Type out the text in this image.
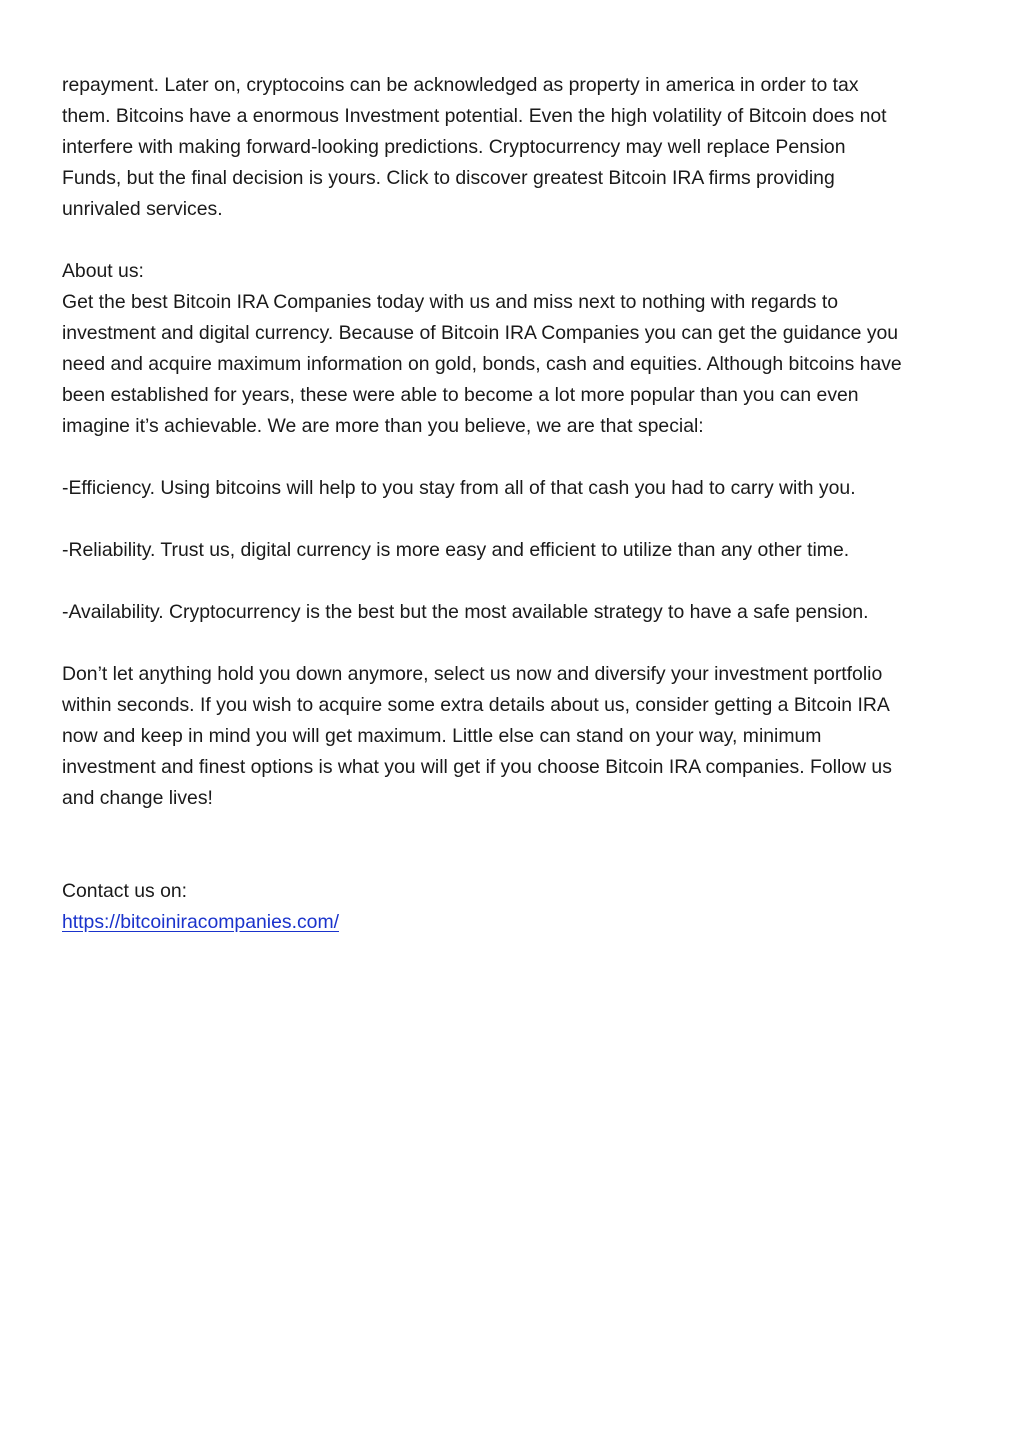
repayment. Later on, cryptocoins can be acknowledged as property in america in order to tax
them. Bitcoins have a enormous Investment potential. Even the high volatility of Bitcoin does not
interfere with making forward-looking predictions. Cryptocurrency may well replace Pension
Funds, but the final decision is yours. Click to discover greatest Bitcoin IRA firms providing
unrivaled services.
About us:
Get the best Bitcoin IRA Companies today with us and miss next to nothing with regards to
investment and digital currency. Because of Bitcoin IRA Companies you can get the guidance you
need and acquire maximum information on gold, bonds, cash and equities. Although bitcoins have
been established for years, these were able to become a lot more popular than you can even
imagine it’s achievable. We are more than you believe, we are that special:
-Efficiency. Using bitcoins will help to you stay from all of that cash you had to carry with you.
-Reliability. Trust us, digital currency is more easy and efficient to utilize than any other time.
-Availability. Cryptocurrency is the best but the most available strategy to have a safe pension.
Don’t let anything hold you down anymore, select us now and diversify your investment portfolio
within seconds. If you wish to acquire some extra details about us, consider getting a Bitcoin IRA
now and keep in mind you will get maximum. Little else can stand on your way, minimum
investment and finest options is what you will get if you choose Bitcoin IRA companies. Follow us
and change lives!
Contact us on:
https://bitcoiniracompanies.com/
